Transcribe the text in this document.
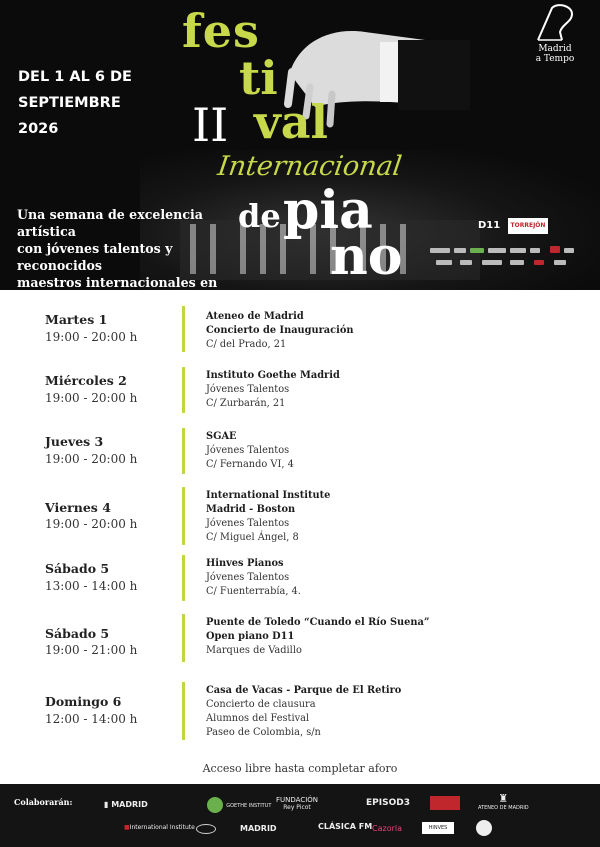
DEL 1 AL 6 DE
SEPTIEMBRE
2026
fes
ti
II val
Internacional
de pia
no
Una semana de excelencia artística
con jóvenes talentos y reconocidos
maestros internacionales en
Madrid
a Tempo
D11	TORREJÓN
Martes 1
19:00 - 20:00 h
Ateneo de Madrid
Concierto de Inauguración
C/ del Prado, 21
Miércoles 2
19:00 - 20:00 h
Instituto Goethe Madrid
Jóvenes Talentos
C/ Zurbarán, 21
Jueves 3
19:00 - 20:00 h
SGAE
Jóvenes Talentos
C/ Fernando VI, 4
Viernes 4
19:00 - 20:00 h
International Institute
Madrid - Boston
Jóvenes Talentos
C/ Miguel Ángel, 8
Sábado 5
13:00 - 14:00 h
Hinves Pianos
Jóvenes Talentos
C/ Fuenterrabía, 4.
Sábado 5
19:00 - 21:00 h
Puente de Toledo “Cuando el Río Suena”
Open piano D11
Marques de Vadillo
Domingo 6
12:00 - 14:00 h
Casa de Vacas - Parque de El Retiro
Concierto de clausura
Alumnos del Festival
Paseo de Colombia, s/n
Acceso libre hasta completar aforo
Colaborarán:	▮ MADRID	GOETHE INSTITUT
FUNDACIÓN
Rey Picot	EPISOD3	♜
ATENEO DE MADRID
■International Institute	MADRID	CLÁSICA FM Cazorla	HINVES
